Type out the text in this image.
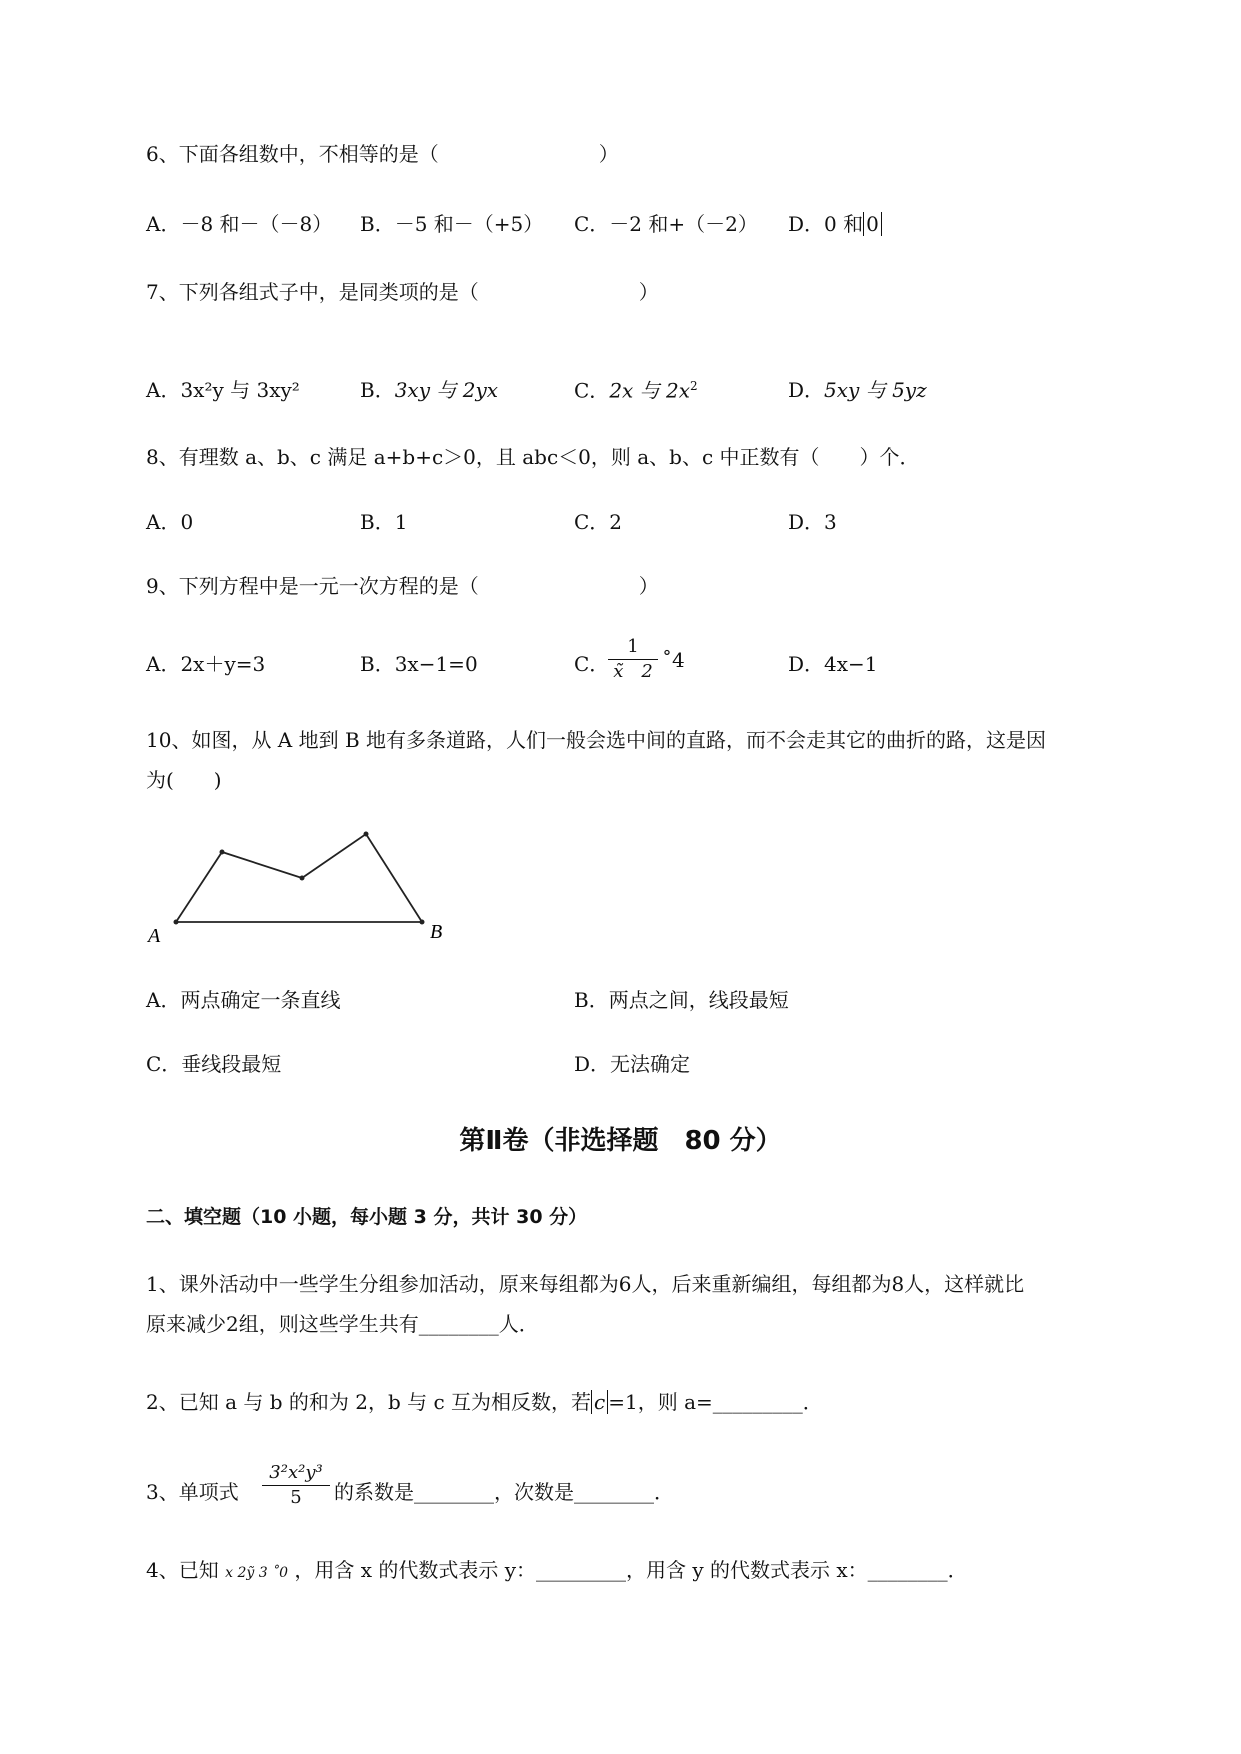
6、下面各组数中，不相等的是（　　　　　　　　）
A．－8 和－（－8） B．－5 和－（+5） C．－2 和+（－2） D．0 和 0
7、下列各组式子中，是同类项的是（　　　　　　　　）
A．3x²y 与 3xy²	B．3xy 与 2yx	C．2x 与 $2x^2$	D．5xy 与 5yz
8、有理数 a、b、c 满足 a+b+c＞0，且 abc＜0，则 a、b、c 中正数有（　　）个．
A．0	B．1	C．2	D．3
9、下列方程中是一元一次方程的是（　　　　　　　　）
A．2x＋y=3	B．3x−1=0	C．
1
x̃　2 ˚4	D．4x−1
10、如图，从 A 地到 B 地有多条道路，人们一般会选中间的直路，而不会走其它的曲折的路，这是因
为(　　)
A	B
A．两点确定一条直线	B．两点之间，线段最短
C．垂线段最短	D．无法确定
第Ⅱ卷（非选择题　80 分）
二、填空题（10 小题，每小题 3 分，共计 30 分）
1、课外活动中一些学生分组参加活动，原来每组都为6人，后来重新编组，每组都为8人，这样就比
原来减少2组，则这些学生共有________人．
2、已知 a 与 b 的和为 2，b 与 c 互为相反数，若 c =1，则 a=_________．
3、单项式
3²x²y³
5	的系数是________，次数是________．
4、已知 x 2ỹ 3 ˚0 ，用含 x 的代数式表示 y：_________，用含 y 的代数式表示 x：________．
